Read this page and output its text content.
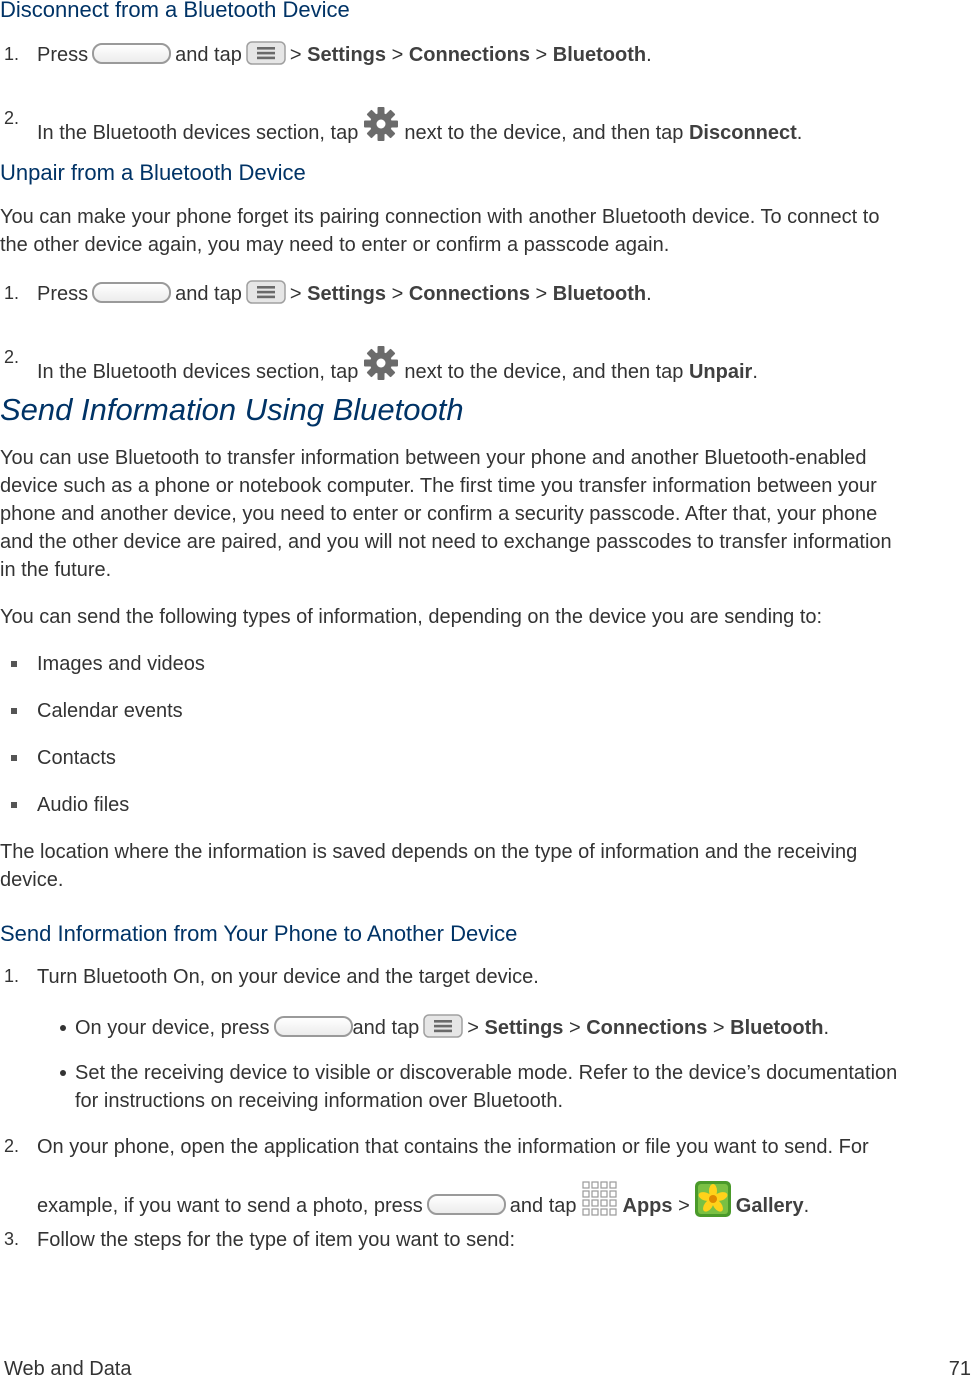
Disconnect from a Bluetooth Device
1. Press	and tap > Settings > Connections > Bluetooth.
2.
In the Bluetooth devices section, tap next to the device, and then tap Disconnect.
Unpair from a Bluetooth Device
You can make your phone forget its pairing connection with another Bluetooth device. To connect to
the other device again, you may need to enter or confirm a passcode again.
1. Press	and tap > Settings > Connections > Bluetooth.
2.
In the Bluetooth devices section, tap next to the device, and then tap Unpair.
Send Information Using Bluetooth
You can use Bluetooth to transfer information between your phone and another Bluetooth-enabled
device such as a phone or notebook computer. The first time you transfer information between your
phone and another device, you need to enter or confirm a security passcode. After that, your phone
and the other device are paired, and you will not need to exchange passcodes to transfer information
in the future.
You can send the following types of information, depending on the device you are sending to:
Images and videos
Calendar events
Contacts
Audio files
The location where the information is saved depends on the type of information and the receiving
device.
Send Information from Your Phone to Another Device
1. Turn Bluetooth On, on your device and the target device.
On your device, press	and tap > Settings > Connections > Bluetooth.
Set the receiving device to visible or discoverable mode. Refer to the device’s documentation
for instructions on receiving information over Bluetooth.
2. On your phone, open the application that contains the information or file you want to send. For
example, if you want to send a photo, press	and tap Apps > Gallery.
3. Follow the steps for the type of item you want to send:
Web and Data	71
